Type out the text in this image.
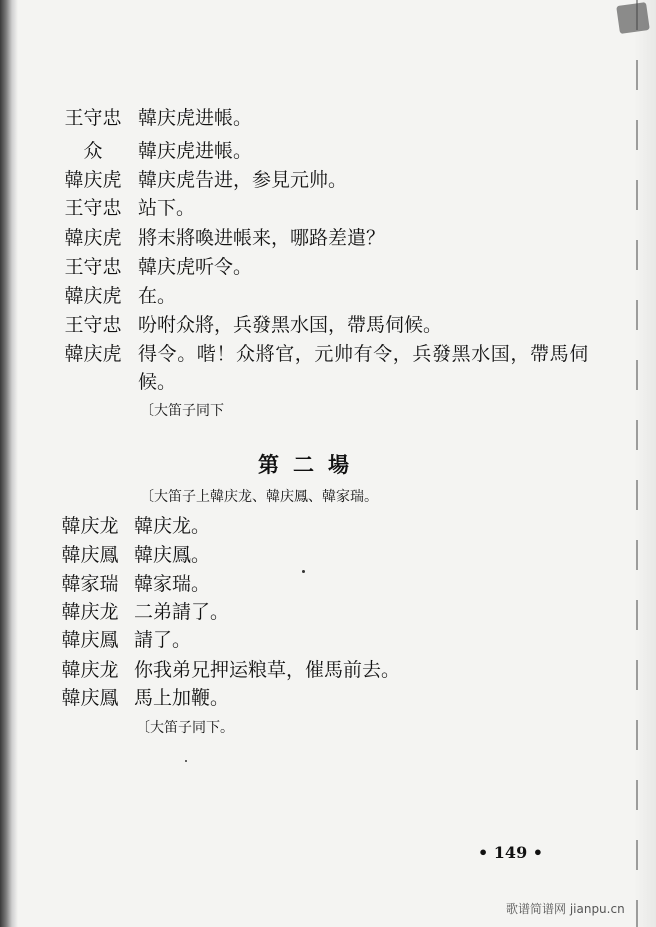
王守忠 韓庆虎进帳。
众	韓庆虎进帳。
韓庆虎 韓庆虎告进，参見元帅。
王守忠 站下。
韓庆虎 將末將喚进帳来，哪路差遣？
王守忠 韓庆虎听令。
韓庆虎 在。
王守忠 吩咐众將，兵發黑水国，帶馬伺候。
韓庆虎 得令。喈！众將官，元帅有令，兵發黑水国，帶馬伺
候。
〔大笛子同下
第二場
〔大笛子上韓庆龙、韓庆鳳、韓家瑞。
韓庆龙 韓庆龙。
韓庆鳳 韓庆鳳。
韓家瑞 韓家瑞。
韓庆龙 二弟請了。
韓庆鳳 請了。
韓庆龙 你我弟兄押运粮草，催馬前去。
韓庆鳳 馬上加鞭。
〔大笛子同下。
• 149 •
歌谱简谱网 jianpu.cn
